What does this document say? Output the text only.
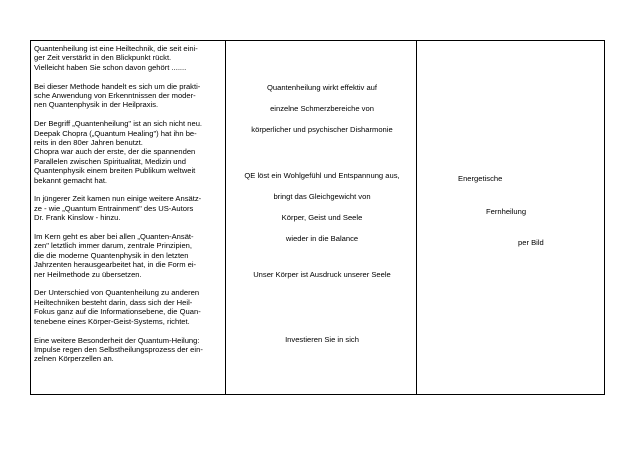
Quantenheilung ist eine Heiltechnik, die seit eini-
ger Zeit verstärkt in den Blickpunkt rückt.
Vielleicht haben Sie schon davon gehört .......

Bei dieser Methode handelt es sich um die prakti-
sche Anwendung von Erkenntnissen der moder-
nen Quantenphysik in der Heilpraxis.

Der Begriff „Quantenheilung" ist an sich nicht neu.
Deepak Chopra („Quantum Healing") hat ihn be-
reits in den 80er Jahren benutzt.
Chopra war auch der erste, der die spannenden
Parallelen zwischen Spiritualität, Medizin und
Quantenphysik einem breiten Publikum weltweit
bekannt gemacht hat.

In jüngerer Zeit kamen nun einige weitere Ansätz-
ze - wie „Quantum Entrainment" des US-Autors
Dr. Frank Kinslow - hinzu.

Im Kern geht es aber bei allen „Quanten-Ansät-
zen" letztlich immer darum, zentrale Prinzipien,
die die moderne Quantenphysik in den letzten
Jahrzenten herausgearbeitet hat, in die Form ei-
ner Heilmethode zu übersetzen.

Der Unterschied von Quantenheilung zu anderen
Heiltechniken besteht darin, dass sich der Heil-
Fokus ganz auf die Informationsebene, die Quan-
tenebene eines Körper-Geist-Systems, richtet.

Eine weitere Besonderheit der Quantum-Heilung:
Impulse regen den Selbstheilungsprozess der ein-
zelnen Körperzellen an.

Quantenheilung wirkt effektiv auf
einzelne Schmerzbereiche von
körperlicher und psychischer Disharmonie
QE löst ein Wohlgefühl und Entspannung aus,
bringt das Gleichgewicht von
Körper, Geist und Seele
wieder in die Balance
Unser Körper ist Ausdruck unserer Seele
Investieren Sie in sich
Energetische
Fernheilung
per Bild
